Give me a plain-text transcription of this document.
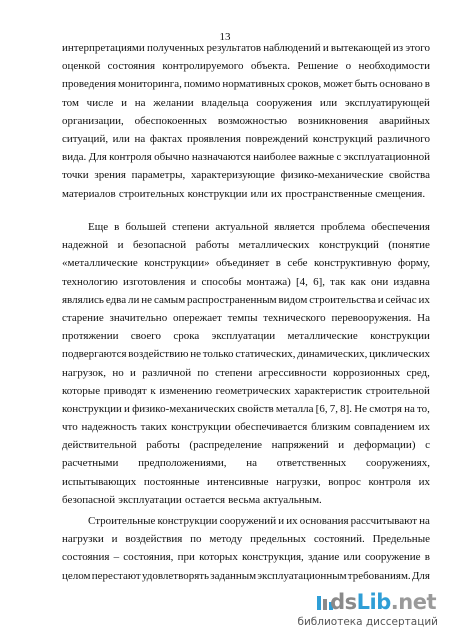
13
интерпретациями полученных результатов наблюдений и вытекающей из этого
оценкой состояния контролируемого объекта. Решение о необходимости
проведения мониторинга, помимо нормативных сроков, может быть основано в
том числе и на желании владельца сооружения или эксплуатирующей
организации, обеспокоенных возможностью возникновения аварийных
ситуаций, или на фактах проявления повреждений конструкций различного
вида. Для контроля обычно назначаются наиболее важные с эксплуатационной
точки зрения параметры, характеризующие физико-механические свойства
материалов строительных конструкции или их пространственные смещения.
Еще в большей степени актуальной является проблема обеспечения
надежной и безопасной работы металлических конструкций (понятие
«металлические конструкции» объединяет в себе конструктивную форму,
технологию изготовления и способы монтажа) [4, 6], так как они издавна
являлись едва ли не самым распространенным видом строительства и сейчас их
старение значительно опережает темпы технического перевооружения. На
протяжении своего срока эксплуатации металлические конструкции
подвергаются воздействию не только статических, динамических, циклических
нагрузок, но и различной по степени агрессивности коррозионных сред,
которые приводят к изменению геометрических характеристик строительной
конструкции и физико-механических свойств металла [6, 7, 8]. Не смотря на то,
что надежность таких конструкции обеспечивается близким совпадением их
действительной работы (распределение напряжений и деформации) с
расчетными предположениями, на ответственных сооружениях,
испытывающих постоянные интенсивные нагрузки, вопрос контроля их
безопасной эксплуатации остается весьма актуальным.
Строительные конструкции сооружений и их основания рассчитывают на
нагрузки и воздействия по методу предельных состояний. Предельные
состояния – состояния, при которых конструкция, здание или сооружение в
целом перестают удовлетворять заданным эксплуатационным требованиям. Для
dsLib.net
библиотека диссертаций
